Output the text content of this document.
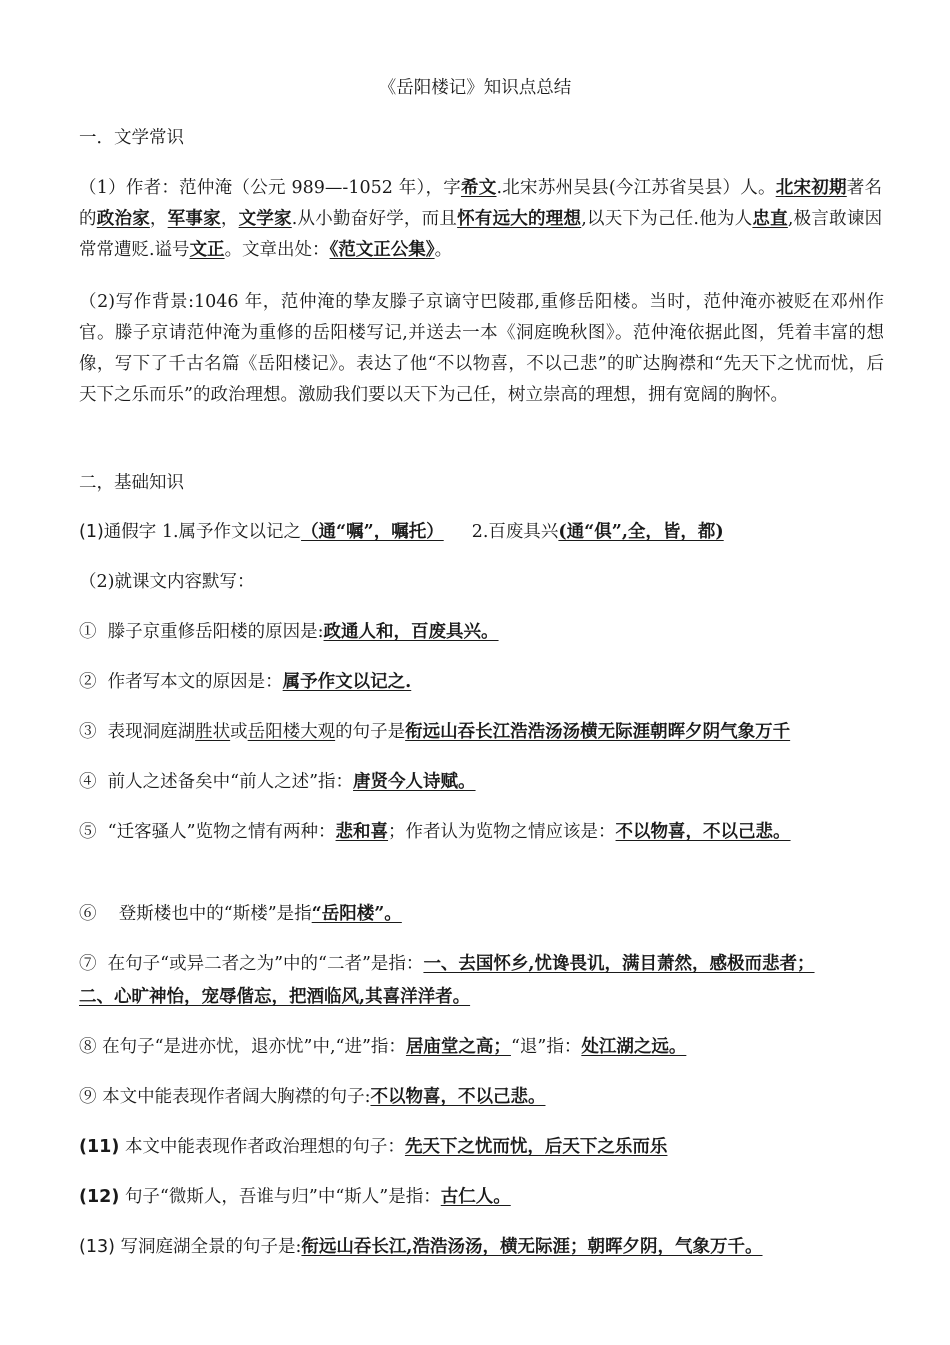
《岳阳楼记》知识点总结
一．文学常识
（1）作者：范仲淹（公元 989—-1052 年），字希文.北宋苏州吴县(今江苏省吴县）人。北宋初期著名的政治家，军事家，文学家.从小勤奋好学，而且怀有远大的理想,以天下为己任.他为人忠直,极言敢谏因常常遭贬.谥号文正。文章出处：《范文正公集》。
（2)写作背景:1046 年，范仲淹的挚友滕子京谪守巴陵郡,重修岳阳楼。当时，范仲淹亦被贬在邓州作官。滕子京请范仲淹为重修的岳阳楼写记,并送去一本《洞庭晚秋图》。范仲淹依据此图，凭着丰富的想像，写下了千古名篇《岳阳楼记》。表达了他“不以物喜，不以己悲”的旷达胸襟和“先天下之忧而忧，后天下之乐而乐”的政治理想。激励我们要以天下为己任，树立崇高的理想，拥有宽阔的胸怀。
二，基础知识
(1)通假字 1.属予作文以记之（通“嘱”，嘱托） 2.百废具兴(通“俱”,全，皆，都)
（2)就课文内容默写：
① 滕子京重修岳阳楼的原因是:政通人和，百废具兴。
② 作者写本文的原因是：属予作文以记之.
③ 表现洞庭湖胜状或岳阳楼大观的句子是衔远山吞长江浩浩汤汤横无际涯朝晖夕阴气象万千
④ 前人之述备矣中“前人之述”指：唐贤今人诗赋。
⑤ “迁客骚人”览物之情有两种：悲和喜；作者认为览物之情应该是：不以物喜，不以己悲。
⑥ 登斯楼也中的“斯楼”是指“岳阳楼”。
⑦ 在句子“或异二者之为”中的“二者”是指：一、去国怀乡,忧谗畏讥，满目萧然，感极而悲者；
二、心旷神怡，宠辱偕忘，把酒临风,其喜洋洋者。
⑧ 在句子“是进亦忧，退亦忧”中,“进”指：居庙堂之高；“退”指：处江湖之远。
⑨ 本文中能表现作者阔大胸襟的句子:不以物喜，不以己悲。
(11) 本文中能表现作者政治理想的句子：先天下之忧而忧，后天下之乐而乐
(12) 句子“微斯人，吾谁与归”中“斯人”是指：古仁人。
(13) 写洞庭湖全景的句子是:衔远山吞长江,浩浩汤汤，横无际涯；朝晖夕阴，气象万千。
